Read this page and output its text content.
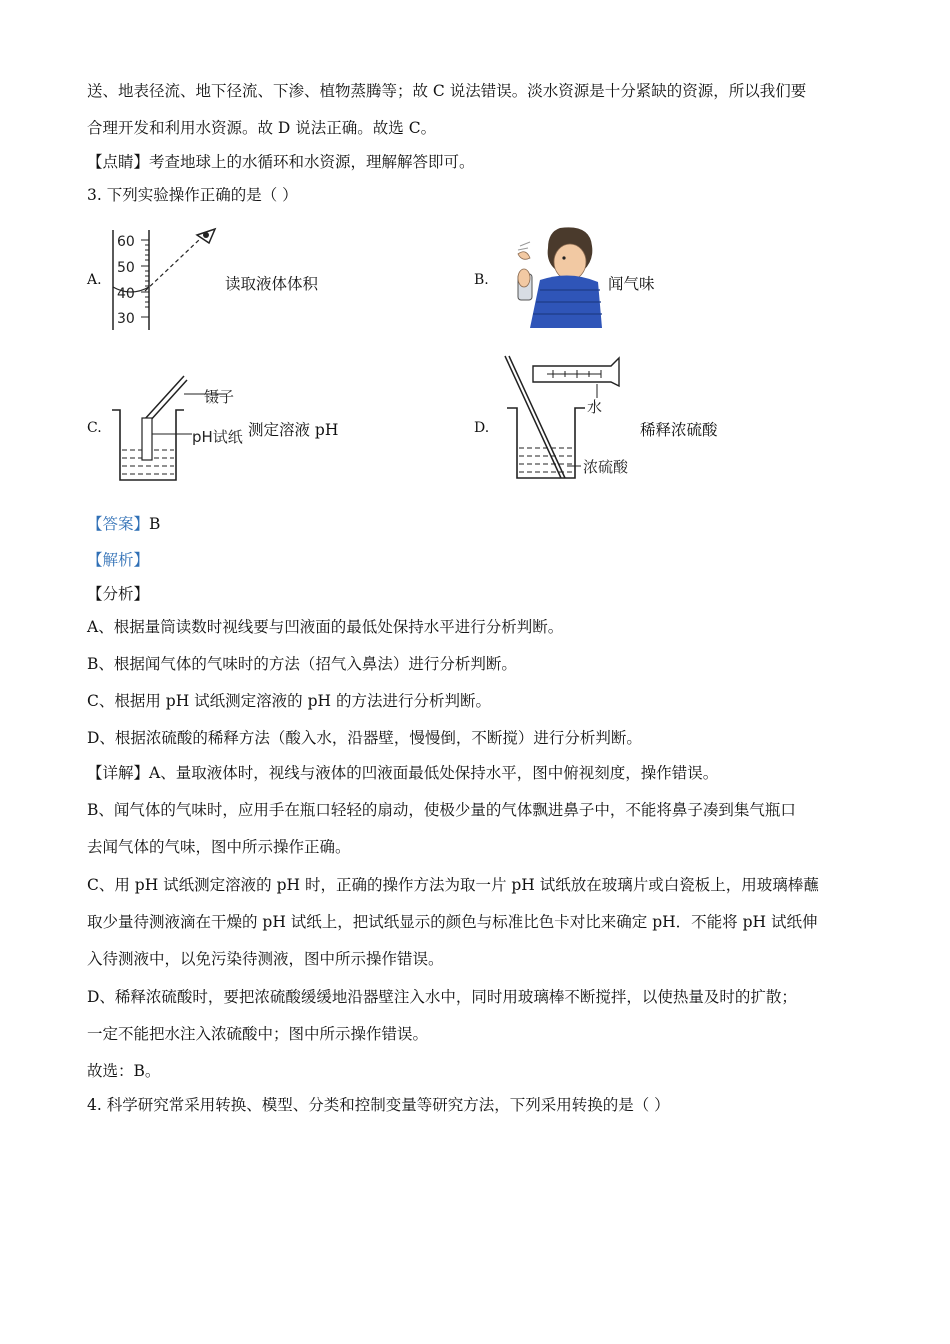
送、地表径流、地下径流、下渗、植物蒸腾等；故 C 说法错误。淡水资源是十分紧缺的资源，所以我们要
合理开发和利用水资源。故 D 说法正确。故选 C。
【点睛】考查地球上的水循环和水资源，理解解答即可。
3. 下列实验操作正确的是（ ）
A.
60
50
40
30
读取液体体积	B.	闻气味
C.
镊子
pH试纸 测定溶液 pH	D.
水
浓硫酸
稀释浓硫酸
【答案】B
【解析】
【分析】
A、根据量筒读数时视线要与凹液面的最低处保持水平进行分析判断。
B、根据闻气体的气味时的方法（招气入鼻法）进行分析判断。
C、根据用 pH 试纸测定溶液的 pH 的方法进行分析判断。
D、根据浓硫酸的稀释方法（酸入水，沿器壁，慢慢倒，不断搅）进行分析判断。
【详解】A、量取液体时，视线与液体的凹液面最低处保持水平，图中俯视刻度，操作错误。
B、闻气体的气味时，应用手在瓶口轻轻的扇动，使极少量的气体飘进鼻子中，不能将鼻子凑到集气瓶口
去闻气体的气味，图中所示操作正确。
C、用 pH 试纸测定溶液的 pH 时，正确的操作方法为取一片 pH 试纸放在玻璃片或白瓷板上，用玻璃棒蘸
取少量待测液滴在干燥的 pH 试纸上，把试纸显示的颜色与标准比色卡对比来确定 pH．不能将 pH 试纸伸
入待测液中，以免污染待测液，图中所示操作错误。
D、稀释浓硫酸时，要把浓硫酸缓缓地沿器壁注入水中，同时用玻璃棒不断搅拌，以使热量及时的扩散；
一定不能把水注入浓硫酸中；图中所示操作错误。
故选：B。
4. 科学研究常采用转换、模型、分类和控制变量等研究方法，下列采用转换的是（ ）
